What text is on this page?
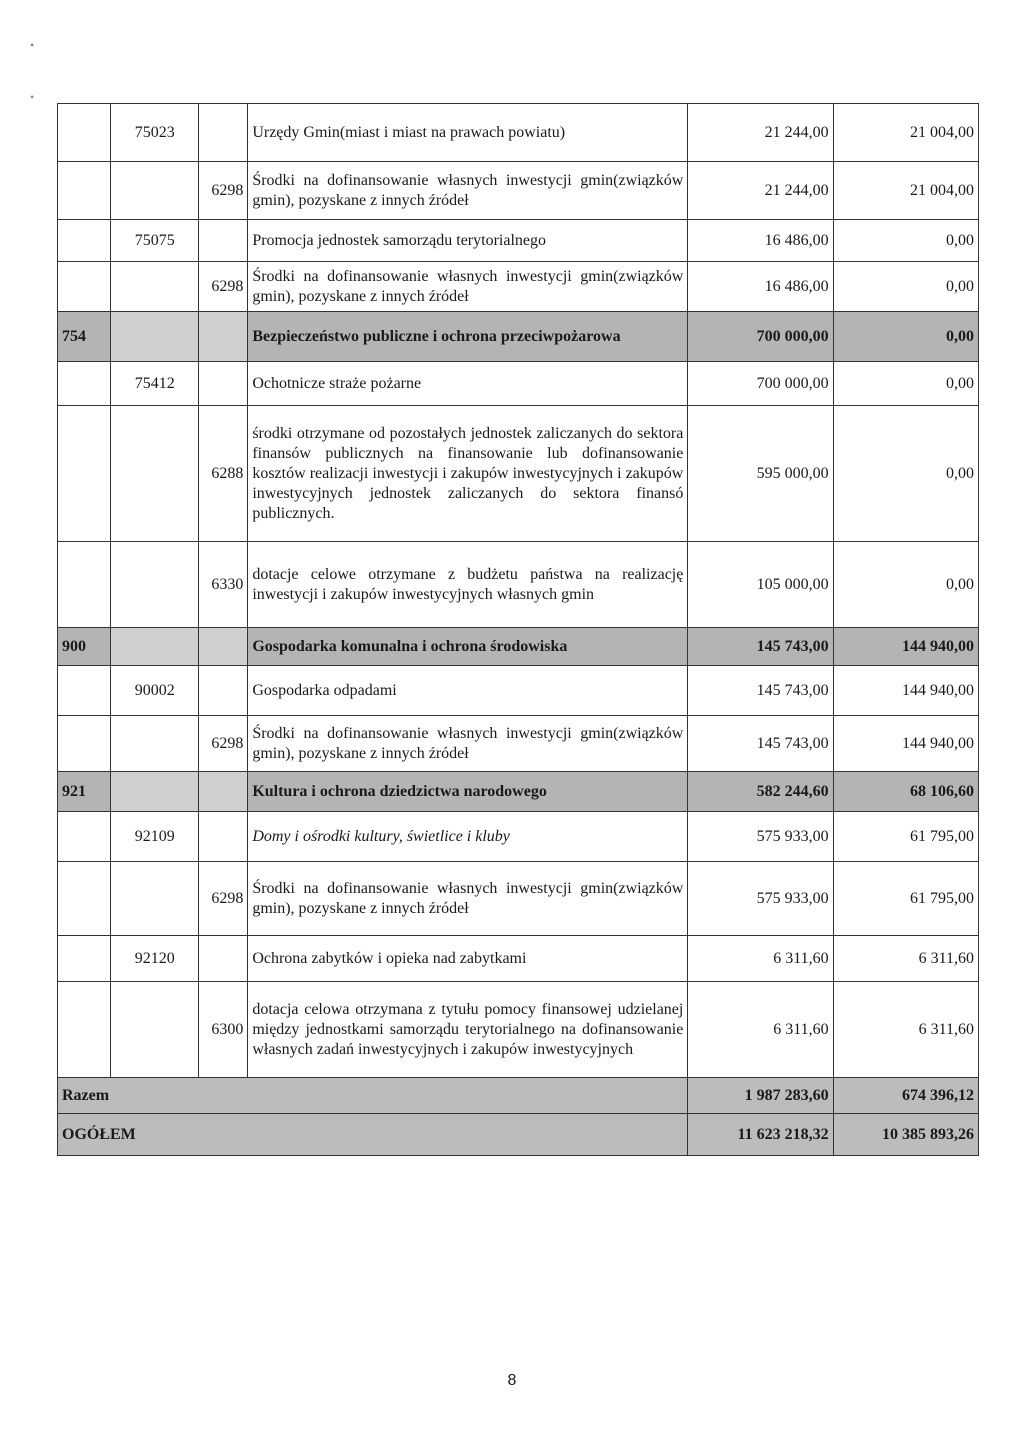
•
•
	75023		Urzędy Gmin(miast i miast na prawach powiatu)	21 244,00	21 004,00
		6298	Środki na dofinansowanie własnych inwestycji gmin(związków gmin), pozyskane z innych źródeł	21 244,00	21 004,00
	75075		Promocja jednostek samorządu terytorialnego	16 486,00	0,00
		6298	Środki na dofinansowanie własnych inwestycji gmin(związków gmin), pozyskane z innych źródeł	16 486,00	0,00
754			Bezpieczeństwo publiczne i ochrona przeciwpożarowa	700 000,00	0,00
	75412		Ochotnicze straże pożarne	700 000,00	0,00
		6288	środki otrzymane od pozostałych jednostek zaliczanych do sektora finansów publicznych na finansowanie lub dofinansowanie kosztów realizacji inwestycji i zakupów inwestycyjnych i zakupów inwestycyjnych jednostek zaliczanych do sektora finansó publicznych.	595 000,00	0,00
		6330	dotacje celowe otrzymane z budżetu państwa na realizację inwestycji i zakupów inwestycyjnych własnych gmin	105 000,00	0,00
900			Gospodarka komunalna i ochrona środowiska	145 743,00	144 940,00
	90002		Gospodarka odpadami	145 743,00	144 940,00
		6298	Środki na dofinansowanie własnych inwestycji gmin(związków gmin), pozyskane z innych źródeł	145 743,00	144 940,00
921			Kultura i ochrona dziedzictwa narodowego	582 244,60	68 106,60
	92109		Domy i ośrodki kultury, świetlice i kluby	575 933,00	61 795,00
		6298	Środki na dofinansowanie własnych inwestycji gmin(związków gmin), pozyskane z innych źródeł	575 933,00	61 795,00
	92120		Ochrona zabytków i opieka nad zabytkami	6 311,60	6 311,60
		6300	dotacja celowa otrzymana z tytułu pomocy finansowej udzielanej między jednostkami samorządu terytorialnego na dofinansowanie własnych zadań inwestycyjnych i zakupów inwestycyjnych	6 311,60	6 311,60
Razem				1 987 283,60	674 396,12
OGÓŁEM				11 623 218,32	10 385 893,26
8
